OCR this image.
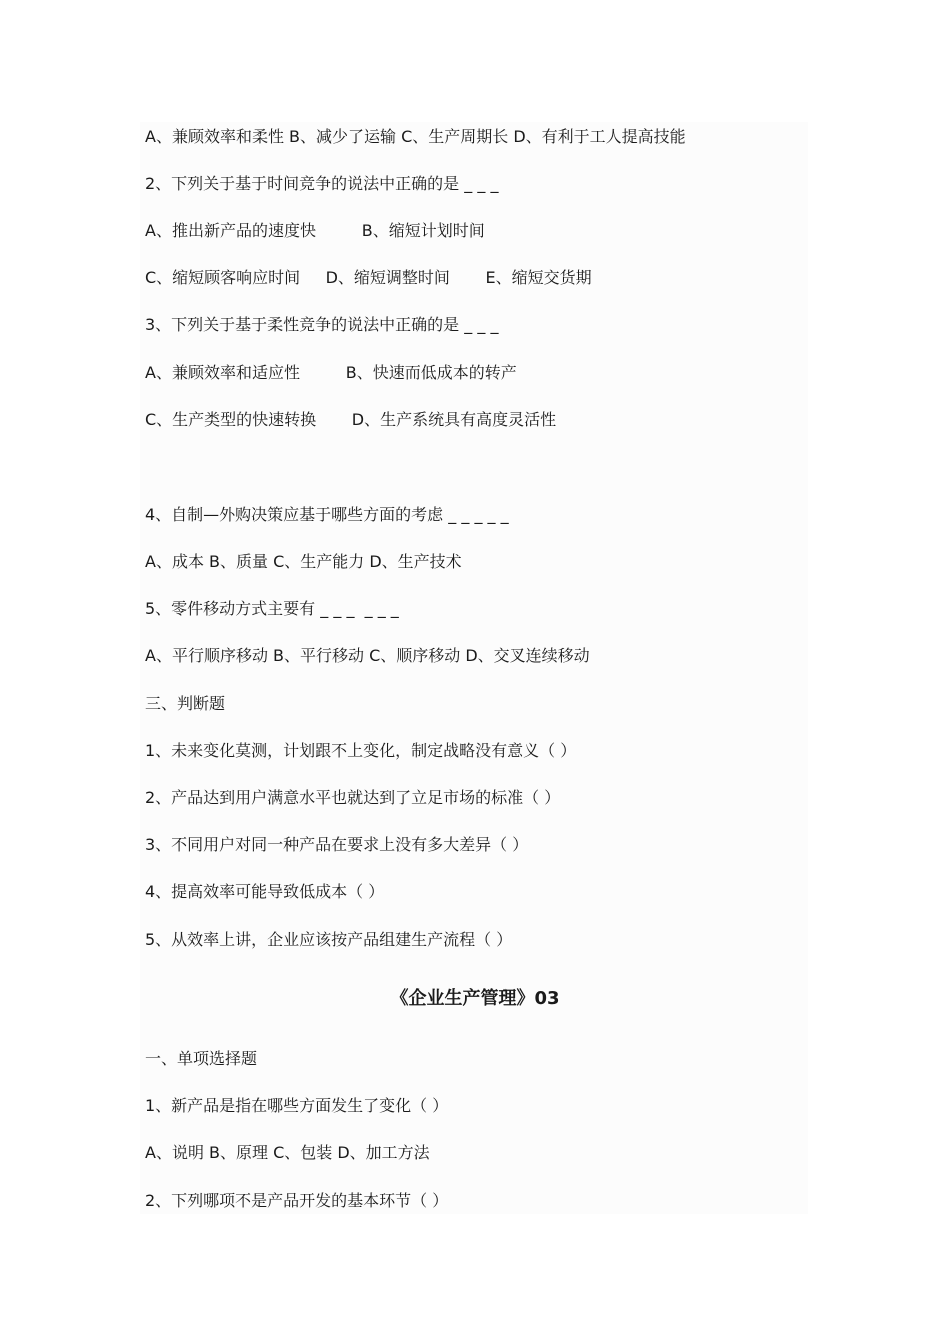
A、兼顾效率和柔性 B、减少了运输 C、生产周期长 D、有利于工人提高技能
2、下列关于基于时间竞争的说法中正确的是 _ _ _
A、推出新产品的速度快         B、缩短计划时间
C、缩短顾客响应时间     D、缩短调整时间       E、缩短交货期
3、下列关于基于柔性竞争的说法中正确的是 _ _ _
A、兼顾效率和适应性         B、快速而低成本的转产
C、生产类型的快速转换       D、生产系统具有高度灵活性
4、自制—外购决策应基于哪些方面的考虑 _ _ _ _ _
A、成本 B、质量 C、生产能力 D、生产技术
5、零件移动方式主要有 _ _ _  _ _ _
A、平行顺序移动 B、平行移动 C、顺序移动 D、交叉连续移动
三、判断题
1、未来变化莫测，计划跟不上变化，制定战略没有意义（ ）
2、产品达到用户满意水平也就达到了立足市场的标准（ ）
3、不同用户对同一种产品在要求上没有多大差异（ ）
4、提高效率可能导致低成本（ ）
5、从效率上讲，企业应该按产品组建生产流程（ ）
《企业生产管理》03
一、单项选择题
1、新产品是指在哪些方面发生了变化（ ）
A、说明 B、原理 C、包装 D、加工方法
2、下列哪项不是产品开发的基本环节（ ）
